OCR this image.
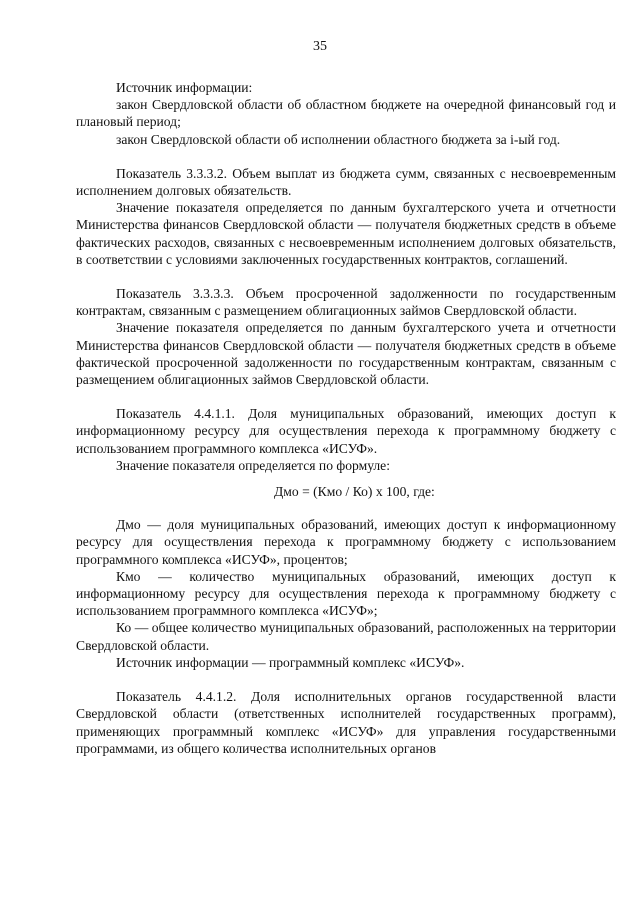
35

Источник информации:

закон Свердловской области об областном бюджете на очередной финансовый год и плановый период;

закон Свердловской области об исполнении областного бюджета за i-ый год.

Показатель 3.3.3.2. Объем выплат из бюджета сумм, связанных с несвоевременным исполнением долговых обязательств.

Значение показателя определяется по данным бухгалтерского учета и отчетности Министерства финансов Свердловской области — получателя бюджетных средств в объеме фактических расходов, связанных с несвоевременным исполнением долговых обязательств, в соответствии с условиями заключенных государственных контрактов, соглашений.

Показатель 3.3.3.3. Объем просроченной задолженности по государственным контрактам, связанным с размещением облигационных займов Свердловской области.

Значение показателя определяется по данным бухгалтерского учета и отчетности Министерства финансов Свердловской области — получателя бюджетных средств в объеме фактической просроченной задолженности по государственным контрактам, связанным с размещением облигационных займов Свердловской области.

Показатель 4.4.1.1. Доля муниципальных образований, имеющих доступ к информационному ресурсу для осуществления перехода к программному бюджету с использованием программного комплекса «ИСУФ».

Значение показателя определяется по формуле:

Дмо = (Кмо / Ко) х 100, где:

Дмо — доля муниципальных образований, имеющих доступ к информационному ресурсу для осуществления перехода к программному бюджету с использованием программного комплекса «ИСУФ», процентов;

Кмо — количество муниципальных образований, имеющих доступ к информационному ресурсу для осуществления перехода к программному бюджету с использованием программного комплекса «ИСУФ»;

Ко — общее количество муниципальных образований, расположенных на территории Свердловской области.

Источник информации — программный комплекс «ИСУФ».

Показатель 4.4.1.2. Доля исполнительных органов государственной власти Свердловской области (ответственных исполнителей государственных программ), применяющих программный комплекс «ИСУФ» для управления государственными программами, из общего количества исполнительных органов
